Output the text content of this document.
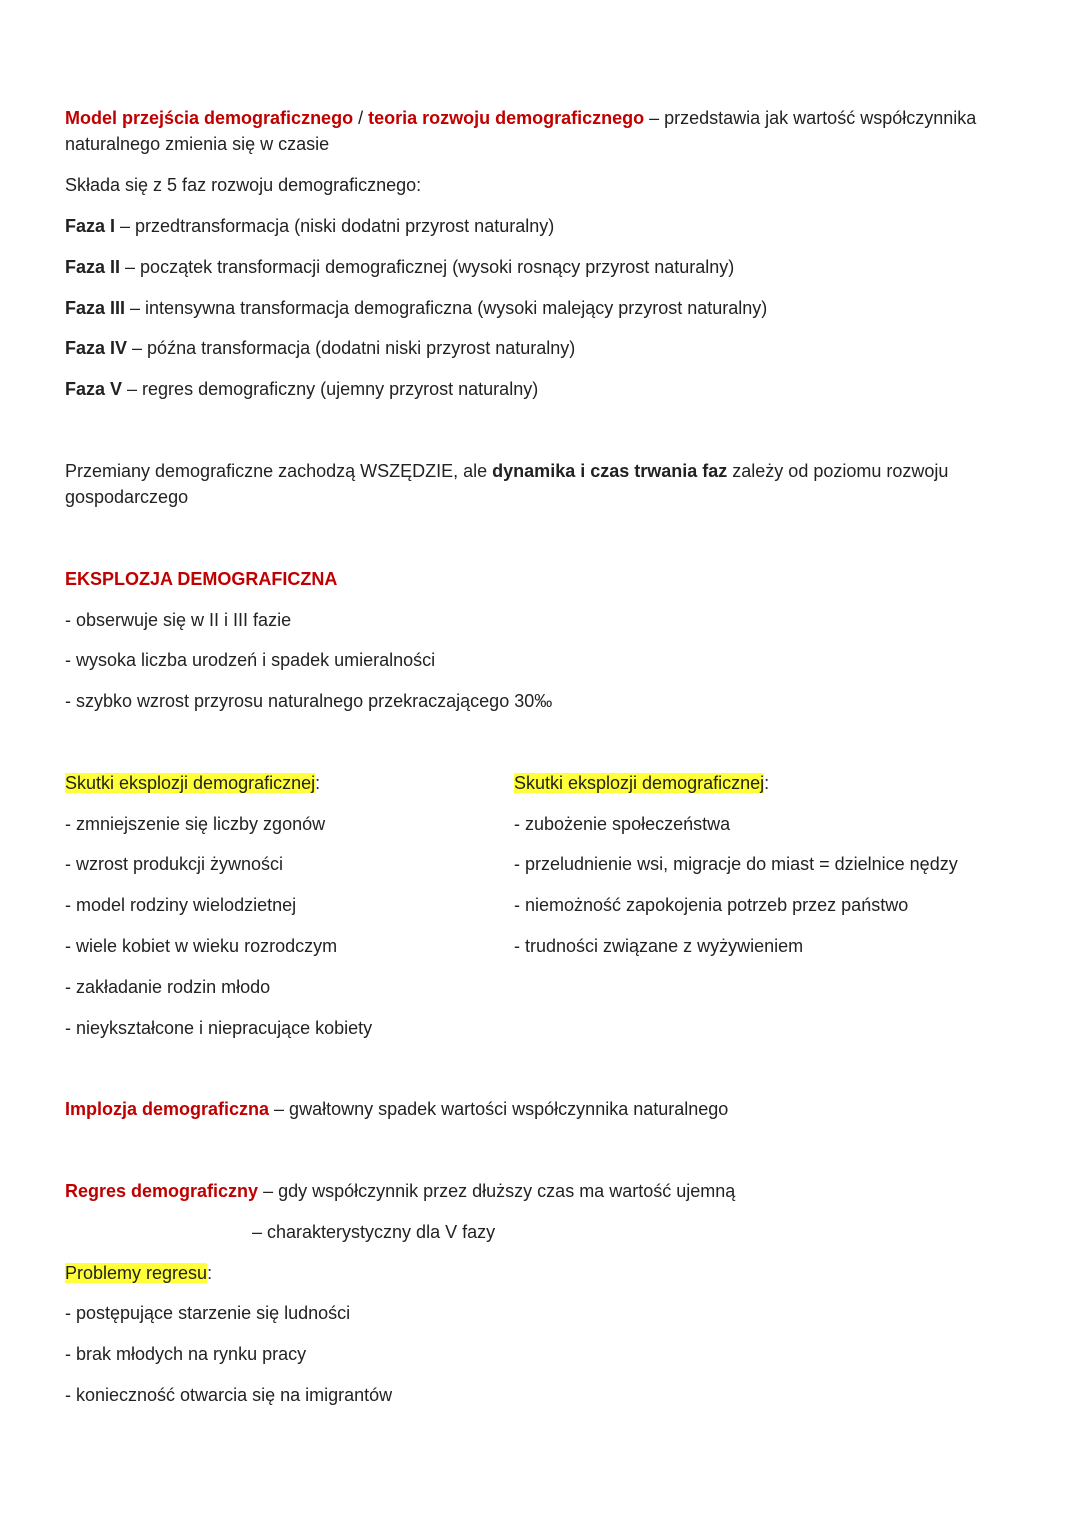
Model przejścia demograficznego / teoria rozwoju demograficznego – przedstawia jak wartość współczynnika
naturalnego zmienia się w czasie
Składa się z 5 faz rozwoju demograficznego:
Faza I – przedtransformacja (niski dodatni przyrost naturalny)
Faza II – początek transformacji demograficznej (wysoki rosnący przyrost naturalny)
Faza III – intensywna transformacja demograficzna (wysoki malejący przyrost naturalny)
Faza IV – późna transformacja (dodatni niski przyrost naturalny)
Faza V – regres demograficzny (ujemny przyrost naturalny)
Przemiany demograficzne zachodzą WSZĘDZIE, ale dynamika i czas trwania faz zależy od poziomu rozwoju
gospodarczego
EKSPLOZJA DEMOGRAFICZNA
- obserwuje się w II i III fazie
- wysoka liczba urodzeń i spadek umieralności
- szybko wzrost przyrosu naturalnego przekraczającego 30‰
Skutki eksplozji demograficznej:
- zmniejszenie się liczby zgonów
- wzrost produkcji żywności
- model rodziny wielodzietnej
- wiele kobiet w wieku rozrodczym
- zakładanie rodzin młodo
- nieykształcone i niepracujące kobiety
Skutki eksplozji demograficznej:
- zubożenie społeczeństwa
- przeludnienie wsi, migracje do miast = dzielnice nędzy
- niemożność zapokojenia potrzeb przez państwo
- trudności związane z wyżywieniem
Implozja demograficzna – gwałtowny spadek wartości współczynnika naturalnego
Regres demograficzny – gdy współczynnik przez dłuższy czas ma wartość ujemną
– charakterystyczny dla V fazy
Problemy regresu:
- postępujące starzenie się ludności
- brak młodych na rynku pracy
- konieczność otwarcia się na imigrantów
